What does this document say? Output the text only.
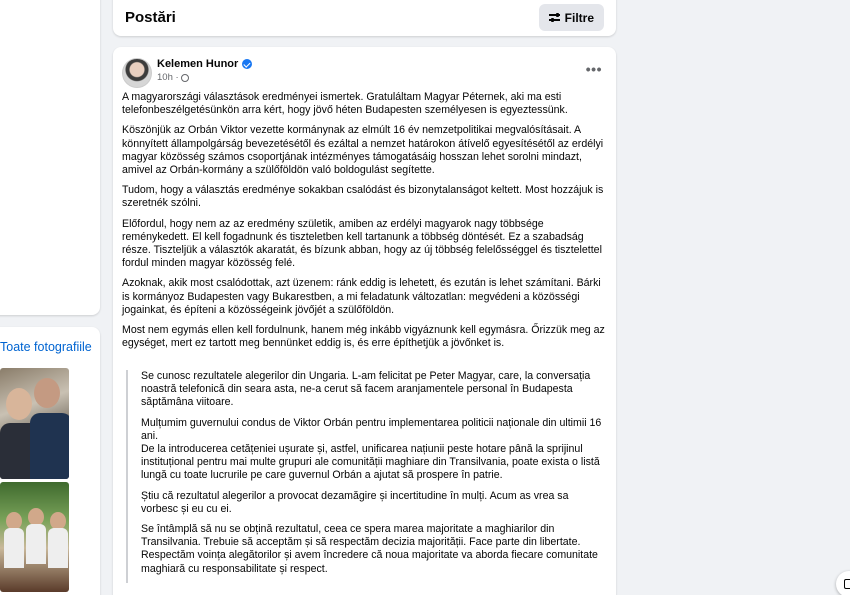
Toate fotografiile
Postări	Filtre
Kelemen Hunor
10h ·
•••

A magyarországi választások eredményei ismertek. Gratuláltam Magyar Péternek, aki ma esti telefonbeszélgetésünkön arra kért, hogy jövő héten Budapesten személyesen is egyeztessünk.

Köszönjük az Orbán Viktor vezette kormánynak az elmúlt 16 év nemzetpolitikai megvalósításait. A könnyített állampolgárság bevezetésétől és ezáltal a nemzet határokon átívelő egyesítésétől az erdélyi magyar közösség számos csoportjának intézményes támogatásáig hosszan lehet sorolni mindazt, amivel az Orbán-kormány a szülőföldön való boldogulást segítette.

Tudom, hogy a választás eredménye sokakban csalódást és bizonytalanságot keltett. Most hozzájuk is szeretnék szólni.

Előfordul, hogy nem az az eredmény születik, amiben az erdélyi magyarok nagy többsége reménykedett. El kell fogadnunk és tiszteletben kell tartanunk a többség döntését. Ez a szabadság része. Tiszteljük a választók akaratát, és bízunk abban, hogy az új többség felelősséggel és tisztelettel fordul minden magyar közösség felé.

Azoknak, akik most csalódottak, azt üzenem: ránk eddig is lehetett, és ezután is lehet számítani. Bárki is kormányoz Budapesten vagy Bukarestben, a mi feladatunk változatlan: megvédeni a közösségi jogainkat, és építeni a közösségeink jövőjét a szülőföldön.

Most nem egymás ellen kell fordulnunk, hanem még inkább vigyáznunk kell egymásra. Őrizzük meg az egységet, mert ez tartott meg bennünket eddig is, és erre építhetjük a jövőnket is.

Se cunosc rezultatele alegerilor din Ungaria. L-am felicitat pe Peter Magyar, care, la conversația noastră telefonică din seara asta, ne-a cerut să facem aranjamentele personal în Budapesta săptămâna viitoare.

Mulțumim guvernului condus de Viktor Orbán pentru implementarea politicii naționale din ultimii 16 ani.

De la introducerea cetățeniei ușurate și, astfel, unificarea națiunii peste hotare până la sprijinul instituțional pentru mai multe grupuri ale comunității maghiare din Transilvania, poate exista o listă lungă cu toate lucrurile pe care guvernul Orbán a ajutat să prospere în patrie.

Știu că rezultatul alegerilor a provocat dezamăgire și incertitudine în mulți. Acum as vrea sa vorbesc și eu cu ei.

Se întâmplă să nu se obțină rezultatul, ceea ce spera marea majoritate a maghiarilor din Transilvania. Trebuie să acceptăm și să respectăm decizia majorității. Face parte din libertate. Respectăm voința alegătorilor și avem încredere că noua majoritate va aborda fiecare comunitate maghiară cu responsabilitate și respect.
